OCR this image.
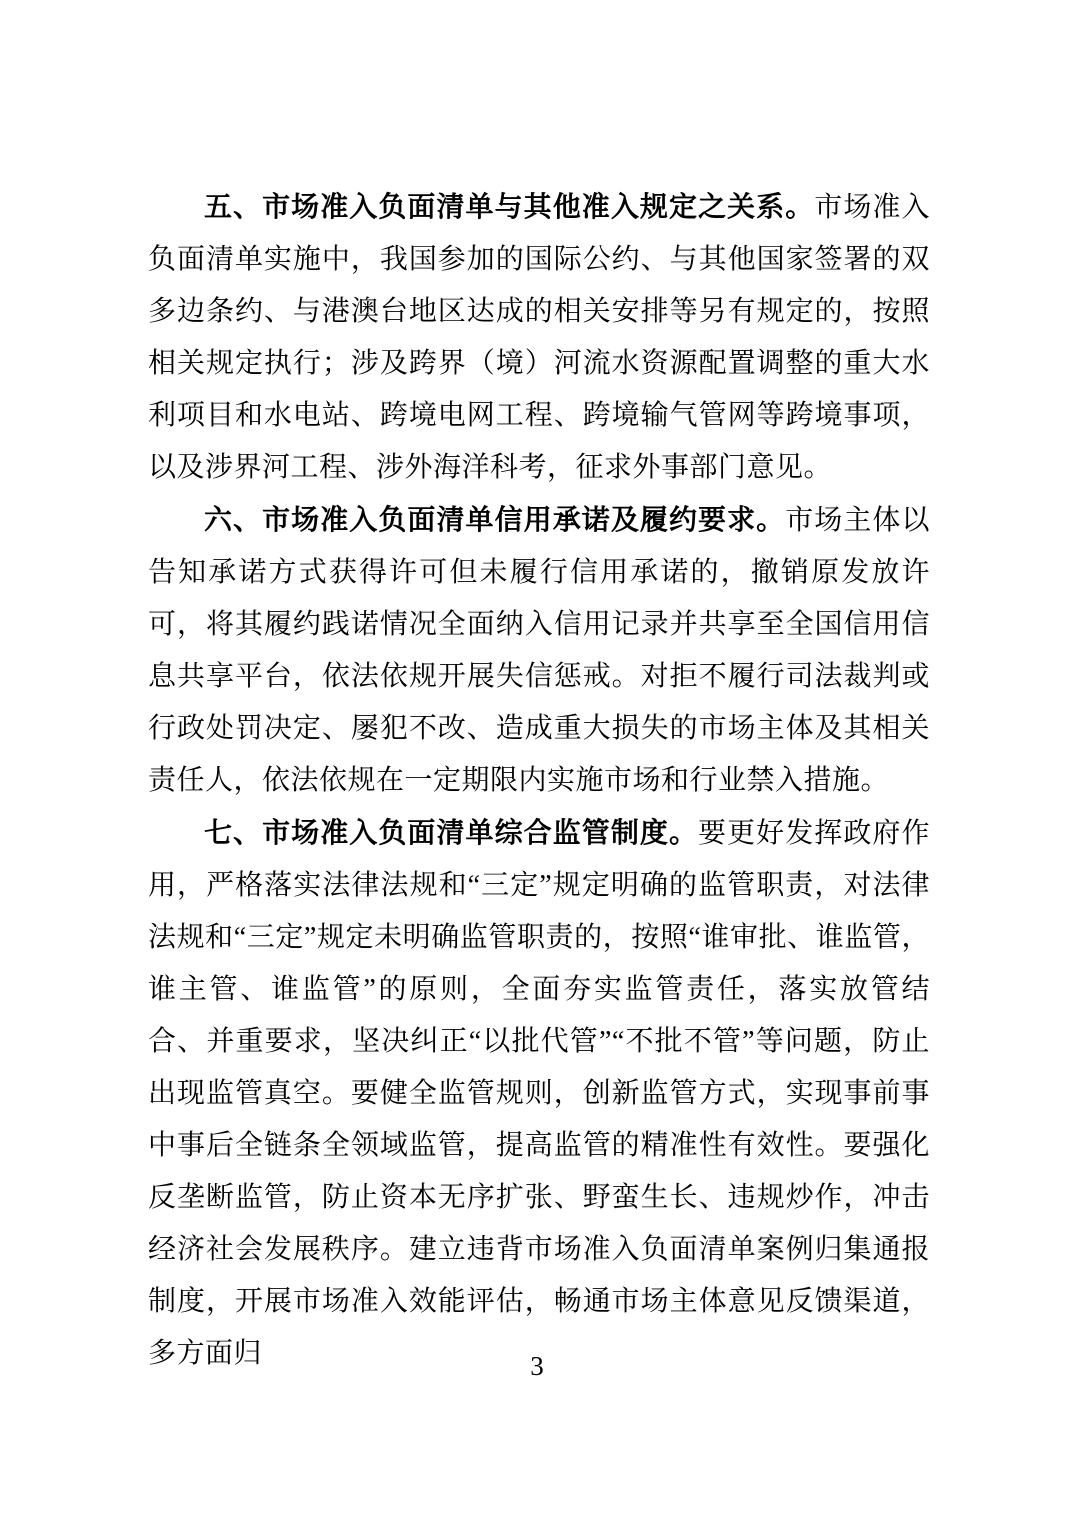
五、市场准入负面清单与其他准入规定之关系。市场准入负面清单实施中，我国参加的国际公约、与其他国家签署的双多边条约、与港澳台地区达成的相关安排等另有规定的，按照相关规定执行；涉及跨界（境）河流水资源配置调整的重大水利项目和水电站、跨境电网工程、跨境输气管网等跨境事项，以及涉界河工程、涉外海洋科考，征求外事部门意见。

六、市场准入负面清单信用承诺及履约要求。市场主体以告知承诺方式获得许可但未履行信用承诺的，撤销原发放许可，将其履约践诺情况全面纳入信用记录并共享至全国信用信息共享平台，依法依规开展失信惩戒。对拒不履行司法裁判或行政处罚决定、屡犯不改、造成重大损失的市场主体及其相关责任人，依法依规在一定期限内实施市场和行业禁入措施。

七、市场准入负面清单综合监管制度。要更好发挥政府作用，严格落实法律法规和“三定”规定明确的监管职责，对法律法规和“三定”规定未明确监管职责的，按照“谁审批、谁监管，谁主管、谁监管”的原则，全面夯实监管责任，落实放管结合、并重要求，坚决纠正“以批代管”“不批不管”等问题，防止出现监管真空。要健全监管规则，创新监管方式，实现事前事中事后全链条全领域监管，提高监管的精准性有效性。要强化反垄断监管，防止资本无序扩张、野蛮生长、违规炒作，冲击经济社会发展秩序。建立违背市场准入负面清单案例归集通报制度，开展市场准入效能评估，畅通市场主体意见反馈渠道，多方面归	3
